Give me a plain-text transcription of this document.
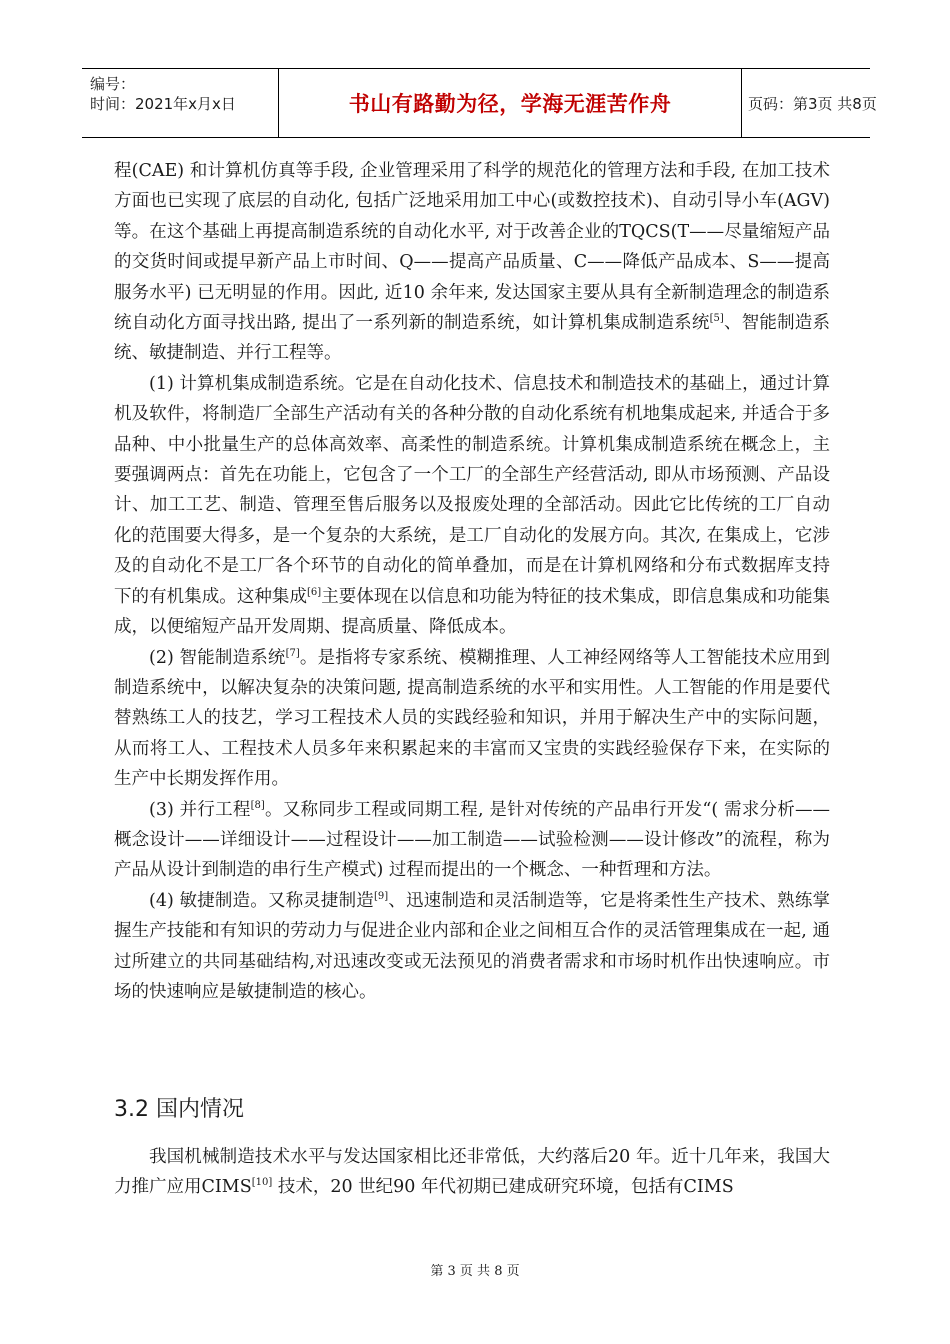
编号：
时间：2021年x月x日	书山有路勤为径，学海无涯苦作舟	页码：第3页 共8页

程(CAE) 和计算机仿真等手段, 企业管理采用了科学的规范化的管理方法和手段, 在加工技术方面也已实现了底层的自动化, 包括广泛地采用加工中心(或数控技术)、自动引导小车(AGV) 等。在这个基础上再提高制造系统的自动化水平, 对于改善企业的TQCS(T——尽量缩短产品的交货时间或提早新产品上市时间、Q——提高产品质量、C——降低产品成本、S——提高服务水平) 已无明显的作用。因此, 近10 余年来, 发达国家主要从具有全新制造理念的制造系统自动化方面寻找出路, 提出了一系列新的制造系统，如计算机集成制造系统[5]、智能制造系统、敏捷制造、并行工程等。

(1) 计算机集成制造系统。它是在自动化技术、信息技术和制造技术的基础上，通过计算机及软件，将制造厂全部生产活动有关的各种分散的自动化系统有机地集成起来, 并适合于多品种、中小批量生产的总体高效率、高柔性的制造系统。计算机集成制造系统在概念上，主要强调两点：首先在功能上，它包含了一个工厂的全部生产经营活动, 即从市场预测、产品设计、加工工艺、制造、管理至售后服务以及报废处理的全部活动。因此它比传统的工厂自动化的范围要大得多，是一个复杂的大系统，是工厂自动化的发展方向。其次, 在集成上，它涉及的自动化不是工厂各个环节的自动化的简单叠加，而是在计算机网络和分布式数据库支持下的有机集成。这种集成[6]主要体现在以信息和功能为特征的技术集成，即信息集成和功能集成，以便缩短产品开发周期、提高质量、降低成本。

(2) 智能制造系统[7]。是指将专家系统、模糊推理、人工神经网络等人工智能技术应用到制造系统中，以解决复杂的决策问题, 提高制造系统的水平和实用性。人工智能的作用是要代替熟练工人的技艺，学习工程技术人员的实践经验和知识，并用于解决生产中的实际问题，从而将工人、工程技术人员多年来积累起来的丰富而又宝贵的实践经验保存下来，在实际的生产中长期发挥作用。

(3) 并行工程[8]。又称同步工程或同期工程, 是针对传统的产品串行开发“( 需求分析——概念设计——详细设计——过程设计——加工制造——试验检测——设计修改”的流程，称为产品从设计到制造的串行生产模式) 过程而提出的一个概念、一种哲理和方法。

(4) 敏捷制造。又称灵捷制造[9]、迅速制造和灵活制造等，它是将柔性生产技术、熟练掌握生产技能和有知识的劳动力与促进企业内部和企业之间相互合作的灵活管理集成在一起, 通过所建立的共同基础结构,对迅速改变或无法预见的消费者需求和市场时机作出快速响应。市场的快速响应是敏捷制造的核心。

3.2 国内情况

我国机械制造技术水平与发达国家相比还非常低，大约落后20 年。近十几年来，我国大力推广应用CIMS[10] 技术，20 世纪90 年代初期已建成研究环境，包括有CIMS

第 3 页 共 8 页
